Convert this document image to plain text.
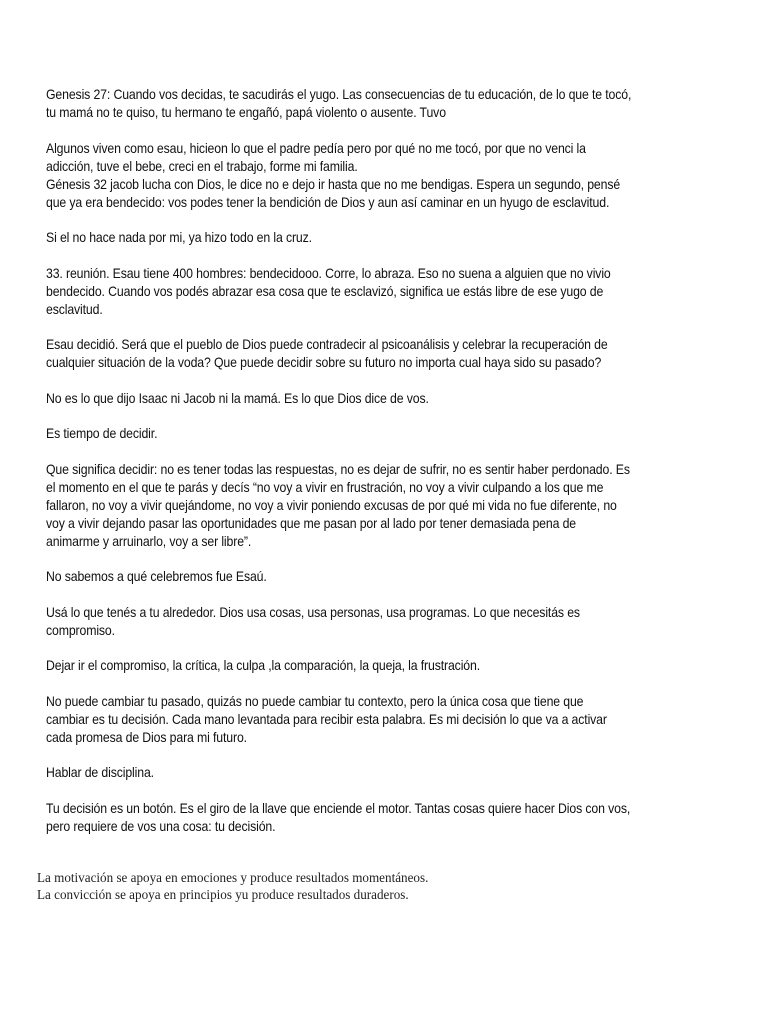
Genesis 27: Cuando vos decidas, te sacudirás el yugo. Las consecuencias de tu educación, de lo que te tocó,
tu mamá no te quiso, tu hermano te engañó, papá violento o ausente. Tuvo
Algunos viven como esau, hicieon lo que el padre pedía pero por qué no me tocó, por que no venci la
adicción, tuve el bebe, creci en el trabajo, forme mi familia.
Génesis 32 jacob lucha con Dios, le dice no e dejo ir hasta que no me bendigas. Espera un segundo, pensé
que ya era bendecido: vos podes tener la bendición de Dios y aun así caminar en un hyugo de esclavitud.
Si el no hace nada por mi, ya hizo todo en la cruz.
33. reunión. Esau tiene 400 hombres: bendecidooo. Corre, lo abraza. Eso no suena a alguien que no vivio
bendecido. Cuando vos podés abrazar esa cosa que te esclavizó, significa ue estás libre de ese yugo de
esclavitud.
Esau decidió. Será que el pueblo de Dios puede contradecir al psicoanálisis y celebrar la recuperación de
cualquier situación de la voda? Que puede decidir sobre su futuro no importa cual haya sido su pasado?
No es lo que dijo Isaac ni Jacob ni la mamá. Es lo que Dios dice de vos.
Es tiempo de decidir.
Que significa decidir: no es tener todas las respuestas, no es dejar de sufrir, no es sentir haber perdonado. Es
el momento en el que te parás y decís “no voy a vivir en frustración, no voy a vivir culpando a los que me
fallaron, no voy a vivir quejándome, no voy a vivir poniendo excusas de por qué mi vida no fue diferente, no
voy a vivir dejando pasar las oportunidades que me pasan por al lado por tener demasiada pena de
animarme y arruinarlo, voy a ser libre”.
No sabemos a qué celebremos fue Esaú.
Usá lo que tenés a tu alrededor. Dios usa cosas, usa personas, usa programas. Lo que necesitás es
compromiso.
Dejar ir el compromiso, la crítica, la culpa ,la comparación, la queja, la frustración.
No puede cambiar tu pasado, quizás no puede cambiar tu contexto, pero la única cosa que tiene que
cambiar es tu decisión. Cada mano levantada para recibir esta palabra. Es mi decisión lo que va a activar
cada promesa de Dios para mi futuro.
Hablar de disciplina.
Tu decisión es un botón. Es el giro de la llave que enciende el motor. Tantas cosas quiere hacer Dios con vos,
pero requiere de vos una cosa: tu decisión.
La motivación se apoya en emociones y produce resultados momentáneos.
La convicción se apoya en principios yu produce resultados duraderos.
